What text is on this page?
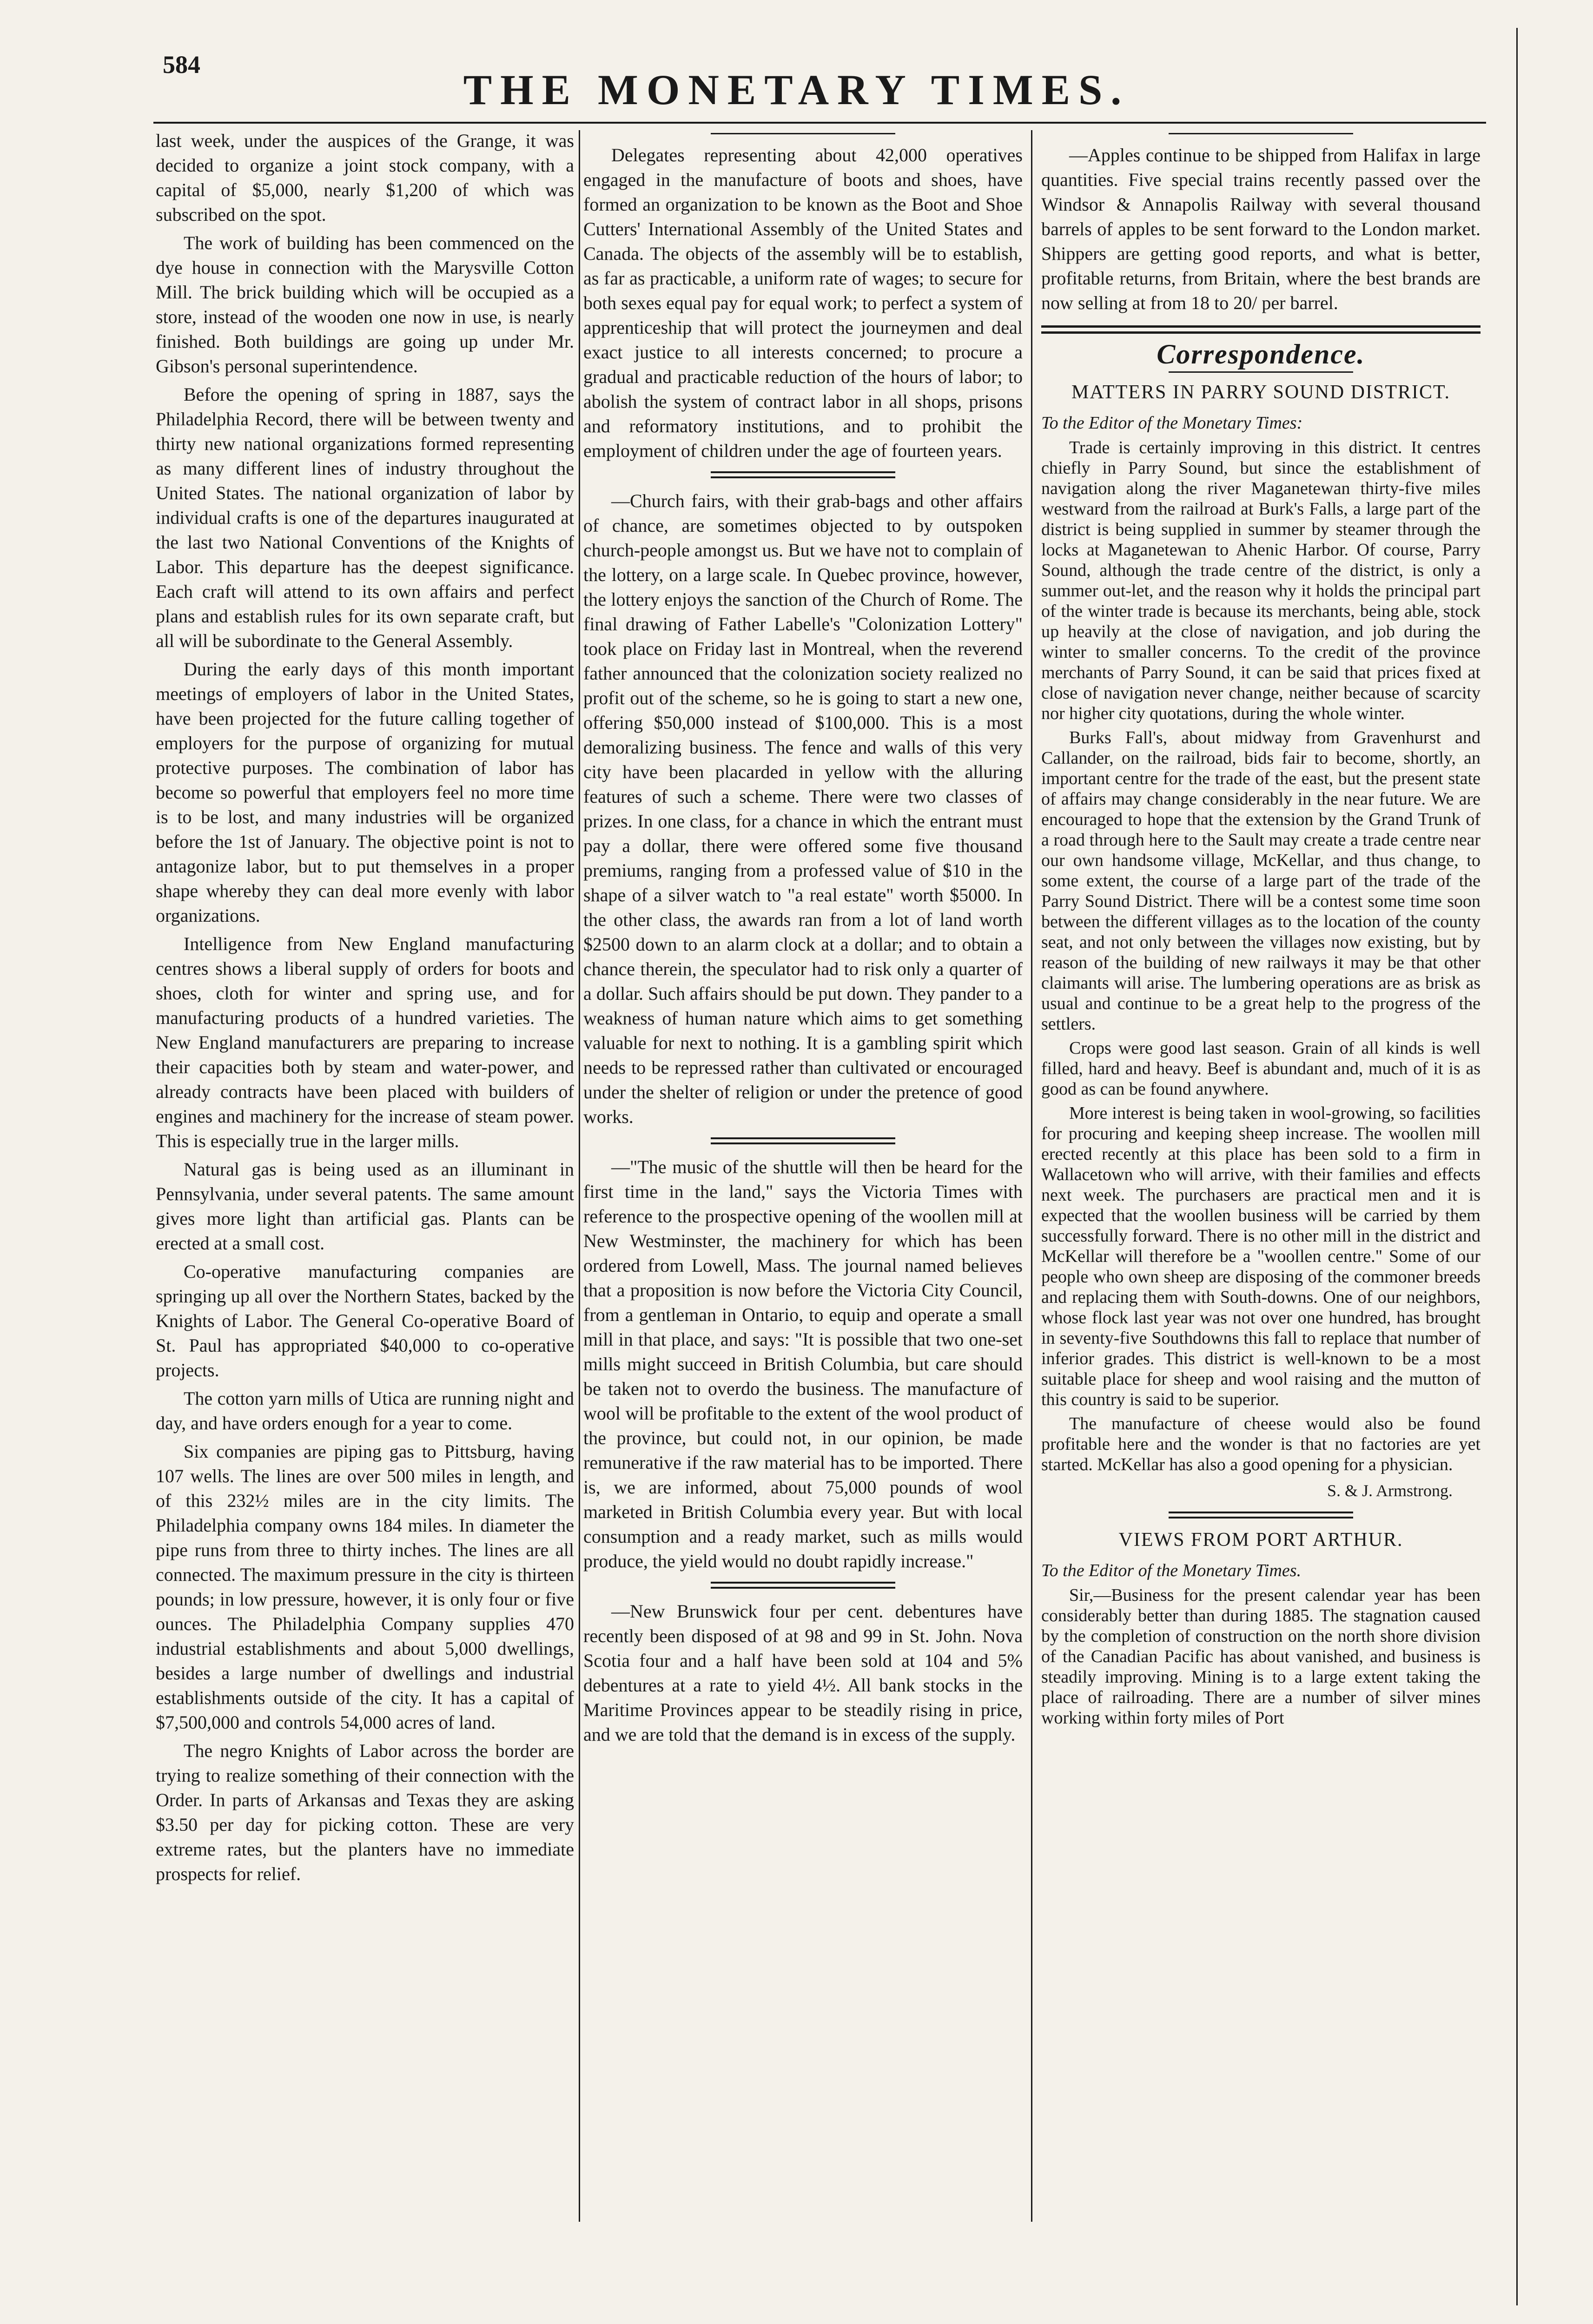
584
THE MONETARY TIMES.

last week, under the auspices of the Grange, it was decided to organize a joint stock company, with a capital of $5,000, nearly $1,200 of which was subscribed on the spot.

The work of building has been commenced on the dye house in connection with the Marysville Cotton Mill. The brick building which will be occupied as a store, instead of the wooden one now in use, is nearly finished. Both buildings are going up under Mr. Gibson's personal superintendence.

Before the opening of spring in 1887, says the Philadelphia Record, there will be between twenty and thirty new national organizations formed representing as many different lines of industry throughout the United States. The national organization of labor by individual crafts is one of the departures inaugurated at the last two National Conventions of the Knights of Labor. This departure has the deepest significance. Each craft will attend to its own affairs and perfect plans and establish rules for its own separate craft, but all will be subordinate to the General Assembly.

During the early days of this month important meetings of employers of labor in the United States, have been projected for the future calling together of employers for the purpose of organizing for mutual protective purposes. The combination of labor has become so powerful that employers feel no more time is to be lost, and many industries will be organized before the 1st of January. The objective point is not to antagonize labor, but to put themselves in a proper shape whereby they can deal more evenly with labor organizations.

Intelligence from New England manufacturing centres shows a liberal supply of orders for boots and shoes, cloth for winter and spring use, and for manufacturing products of a hundred varieties. The New England manufacturers are preparing to increase their capacities both by steam and water-power, and already contracts have been placed with builders of engines and machinery for the increase of steam power. This is especially true in the larger mills.

Natural gas is being used as an illuminant in Pennsylvania, under several patents. The same amount gives more light than artificial gas. Plants can be erected at a small cost.

Co-operative manufacturing companies are springing up all over the Northern States, backed by the Knights of Labor. The General Co-operative Board of St. Paul has appropriated $40,000 to co-operative projects.

The cotton yarn mills of Utica are running night and day, and have orders enough for a year to come.

Six companies are piping gas to Pittsburg, having 107 wells. The lines are over 500 miles in length, and of this 232½ miles are in the city limits. The Philadelphia company owns 184 miles. In diameter the pipe runs from three to thirty inches. The lines are all connected. The maximum pressure in the city is thirteen pounds; in low pressure, however, it is only four or five ounces. The Philadelphia Company supplies 470 industrial establishments and about 5,000 dwellings, besides a large number of dwellings and industrial establishments outside of the city. It has a capital of $7,500,000 and controls 54,000 acres of land.

The negro Knights of Labor across the border are trying to realize something of their connection with the Order. In parts of Arkansas and Texas they are asking $3.50 per day for picking cotton. These are very extreme rates, but the planters have no immediate prospects for relief.

Delegates representing about 42,000 operatives engaged in the manufacture of boots and shoes, have formed an organization to be known as the Boot and Shoe Cutters' International Assembly of the United States and Canada. The objects of the assembly will be to establish, as far as practicable, a uniform rate of wages; to secure for both sexes equal pay for equal work; to perfect a system of apprenticeship that will protect the journeymen and deal exact justice to all interests concerned; to procure a gradual and practicable reduction of the hours of labor; to abolish the system of contract labor in all shops, prisons and reformatory institutions, and to prohibit the employment of children under the age of fourteen years.

—Church fairs, with their grab-bags and other affairs of chance, are sometimes objected to by outspoken church-people amongst us. But we have not to complain of the lottery, on a large scale. In Quebec province, however, the lottery enjoys the sanction of the Church of Rome. The final drawing of Father Labelle's "Colonization Lottery" took place on Friday last in Montreal, when the reverend father announced that the colonization society realized no profit out of the scheme, so he is going to start a new one, offering $50,000 instead of $100,000. This is a most demoralizing business. The fence and walls of this very city have been placarded in yellow with the alluring features of such a scheme. There were two classes of prizes. In one class, for a chance in which the entrant must pay a dollar, there were offered some five thousand premiums, ranging from a professed value of $10 in the shape of a silver watch to "a real estate" worth $5000. In the other class, the awards ran from a lot of land worth $2500 down to an alarm clock at a dollar; and to obtain a chance therein, the speculator had to risk only a quarter of a dollar. Such affairs should be put down. They pander to a weakness of human nature which aims to get something valuable for next to nothing. It is a gambling spirit which needs to be repressed rather than cultivated or encouraged under the shelter of religion or under the pretence of good works.

—"The music of the shuttle will then be heard for the first time in the land," says the Victoria Times with reference to the prospective opening of the woollen mill at New Westminster, the machinery for which has been ordered from Lowell, Mass. The journal named believes that a proposition is now before the Victoria City Council, from a gentleman in Ontario, to equip and operate a small mill in that place, and says: "It is possible that two one-set mills might succeed in British Columbia, but care should be taken not to overdo the business. The manufacture of wool will be profitable to the extent of the wool product of the province, but could not, in our opinion, be made remunerative if the raw material has to be imported. There is, we are informed, about 75,000 pounds of wool marketed in British Columbia every year. But with local consumption and a ready market, such as mills would produce, the yield would no doubt rapidly increase."

—New Brunswick four per cent. debentures have recently been disposed of at 98 and 99 in St. John. Nova Scotia four and a half have been sold at 104 and 5% debentures at a rate to yield 4½. All bank stocks in the Maritime Provinces appear to be steadily rising in price, and we are told that the demand is in excess of the supply.

—Apples continue to be shipped from Halifax in large quantities. Five special trains recently passed over the Windsor & Annapolis Railway with several thousand barrels of apples to be sent forward to the London market. Shippers are getting good reports, and what is better, profitable returns, from Britain, where the best brands are now selling at from 18 to 20/ per barrel.

Correspondence.
MATTERS IN PARRY SOUND DISTRICT.
To the Editor of the Monetary Times:

Trade is certainly improving in this district. It centres chiefly in Parry Sound, but since the establishment of navigation along the river Maganetewan thirty-five miles westward from the railroad at Burk's Falls, a large part of the district is being supplied in summer by steamer through the locks at Maganetewan to Ahenic Harbor. Of course, Parry Sound, although the trade centre of the district, is only a summer out-let, and the reason why it holds the principal part of the winter trade is because its merchants, being able, stock up heavily at the close of navigation, and job during the winter to smaller concerns. To the credit of the province merchants of Parry Sound, it can be said that prices fixed at close of navigation never change, neither because of scarcity nor higher city quotations, during the whole winter.

Burks Fall's, about midway from Gravenhurst and Callander, on the railroad, bids fair to become, shortly, an important centre for the trade of the east, but the present state of affairs may change considerably in the near future. We are encouraged to hope that the extension by the Grand Trunk of a road through here to the Sault may create a trade centre near our own handsome village, McKellar, and thus change, to some extent, the course of a large part of the trade of the Parry Sound District. There will be a contest some time soon between the different villages as to the location of the county seat, and not only between the villages now existing, but by reason of the building of new railways it may be that other claimants will arise. The lumbering operations are as brisk as usual and continue to be a great help to the progress of the settlers.

Crops were good last season. Grain of all kinds is well filled, hard and heavy. Beef is abundant and, much of it is as good as can be found anywhere.

More interest is being taken in wool-growing, so facilities for procuring and keeping sheep increase. The woollen mill erected recently at this place has been sold to a firm in Wallacetown who will arrive, with their families and effects next week. The purchasers are practical men and it is expected that the woollen business will be carried by them successfully forward. There is no other mill in the district and McKellar will therefore be a "woollen centre." Some of our people who own sheep are disposing of the commoner breeds and replacing them with South-downs. One of our neighbors, whose flock last year was not over one hundred, has brought in seventy-five Southdowns this fall to replace that number of inferior grades. This district is well-known to be a most suitable place for sheep and wool raising and the mutton of this country is said to be superior.

The manufacture of cheese would also be found profitable here and the wonder is that no factories are yet started. McKellar has also a good opening for a physician.

S. & J. Armstrong.
VIEWS FROM PORT ARTHUR.
To the Editor of the Monetary Times.

Sir,—Business for the present calendar year has been considerably better than during 1885. The stagnation caused by the completion of construction on the north shore division of the Canadian Pacific has about vanished, and business is steadily improving. Mining is to a large extent taking the place of railroading. There are a number of silver mines working within forty miles of Port
